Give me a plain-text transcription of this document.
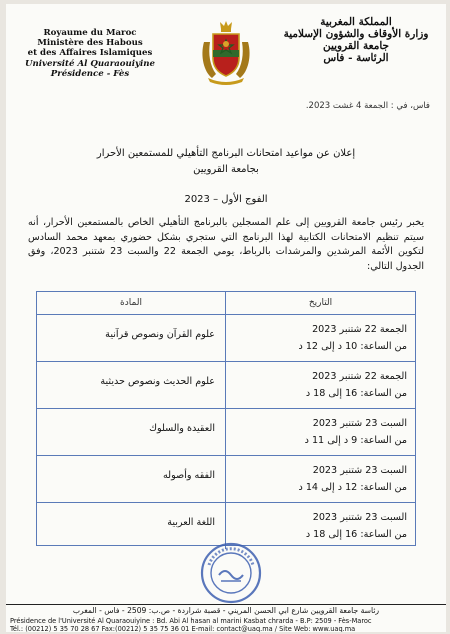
Royaume du Maroc
Ministère des Habous
et des Affaires Islamiques
Université Al Quaraouiyine
Présidence - Fès
المملكة المغربية
وزارة الأوقاف والشؤون الإسلامية
جامعة القرويين
الرئاسة - فاس
فاس، في : الجمعة 4 غشت 2023.
إعلان عن مواعيد امتحانات البرنامج التأهيلي للمستمعين الأحرار
بجامعة القرويين
الفوج الأول – 2023
يخبر رئيس جامعة القرويين إلى علم المسجلين بالبرنامج التأهيلي الخاص بالمستمعين الأحرار، أنه سيتم تنظيم الامتحانات الكتابية لهذا البرنامج التي ستجري بشكل حضوري بمعهد محمد السادس لتكوين الأئمة المرشدين والمرشدات بالرباط، يومي الجمعة 22 والسبت 23 شتنبر 2023، وفق الجدول التالي:
التاريخ
المادة
الجمعة 22 شتنبر 2023
من الساعة: 10 د إلى 12 د
علوم القرآن ونصوص قرآنية
الجمعة 22 شتنبر 2023
من الساعة: 16 إلى 18 د
علوم الحديث ونصوص حديثية
السبت 23 شتنبر 2023
من الساعة: 9 د إلى 11 د
العقيدة والسلوك
السبت 23 شتنبر 2023
من الساعة: 12 د إلى 14 د
الفقه وأصوله
السبت 23 شتنبر 2023
من الساعة: 16 إلى 18 د
اللغة العربية
رئاسة جامعة القرويين شارع ابي الحسن المريني - قصبة شراردة - ص.ب: 2509 - فاس - المغرب
Présidence de l'Université Al Quaraouiyine : Bd. Abi Al hasan al marini Kasbat chrarda - B.P: 2509 - Fès-Maroc
Tél.: (00212) 5 35 70 28 67 Fax:(00212) 5 35 75 36 01 E-mail: contact@uaq.ma / Site Web: www.uaq.ma
